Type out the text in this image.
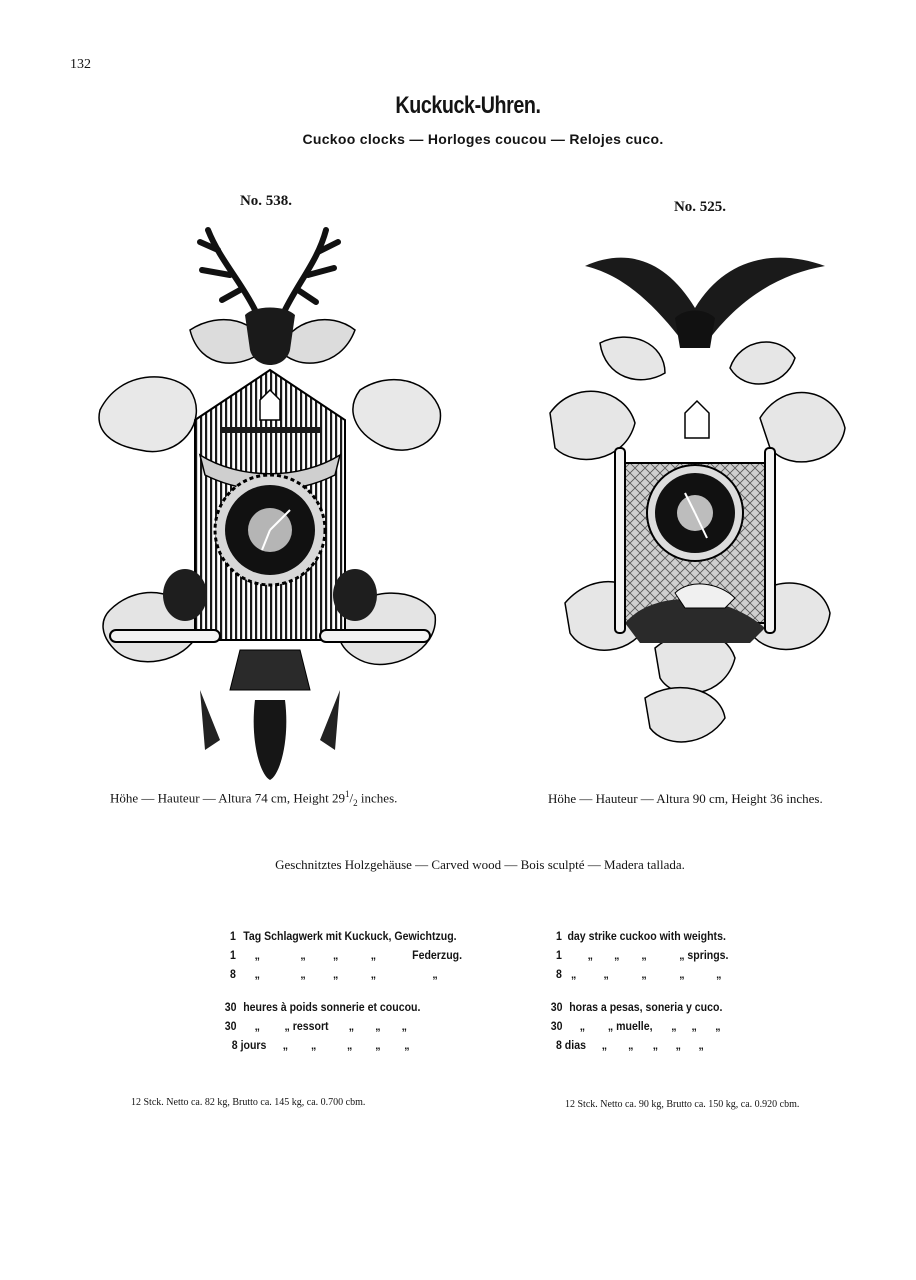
132
Kuckuck-Uhren.
Cuckoo clocks — Horloges coucou — Relojes cuco.
No. 538.	No. 525.
Höhe — Hauteur — Altura 74 cm, Height $29^1/_2$ inches.	Höhe — Hauteur — Altura 90 cm, Height 36 inches.
Geschnitztes Holzgehäuse — Carved wood — Bois sculpté — Madera tallada.
1 Tag Schlagwerk mit Kuckuck, Gewichtzug.
1 „	„ „	„	Federzug.
8 „	„ „	„	„
30 heures à poids sonnerie et coucou.
30 „ „ ressort „ „ „
8 jours „ „	„ „ „
1 day strike cuckoo with weights.
1 „ „ „	„ springs.
8 „ „	„	„	„
30 horas a pesas, soneria y cuco.
30 „ „ muelle, „ „ „
8 dias „ „ „ „ „
12 Stck. Netto ca. 82 kg, Brutto ca. 145 kg, ca. 0.700 cbm.	12 Stck. Netto ca. 90 kg, Brutto ca. 150 kg, ca. 0.920 cbm.
